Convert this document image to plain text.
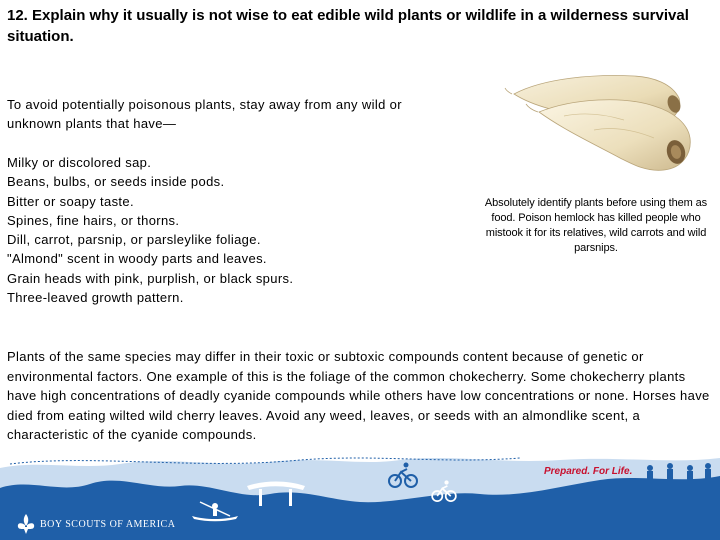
12. Explain why it usually is not wise to eat edible wild plants or wildlife in a wilderness survival situation.
To avoid potentially poisonous plants, stay away from any wild or unknown plants that have—
Milky or discolored sap.
Beans, bulbs, or seeds inside pods.
Bitter or soapy taste.
Spines, fine hairs, or thorns.
Dill, carrot, parsnip, or parsleylike foliage.
"Almond" scent in woody parts and leaves.
Grain heads with pink, purplish, or black spurs.
Three-leaved growth pattern.
Absolutely identify plants before using them as food. Poison hemlock has killed people who mistook it for its relatives, wild carrots and wild parsnips.
Plants of the same species may differ in their toxic or subtoxic compounds content because of genetic or environmental factors. One example of this is the foliage of the common chokecherry. Some chokecherry plants have high concentrations of deadly cyanide compounds while others have low concentrations or none. Horses have died from eating wilted wild cherry leaves. Avoid any weed, leaves, or seeds with an almondlike scent, a characteristic of the cyanide compounds.
BOY SCOUTS OF AMERICA
Prepared. For Life.
